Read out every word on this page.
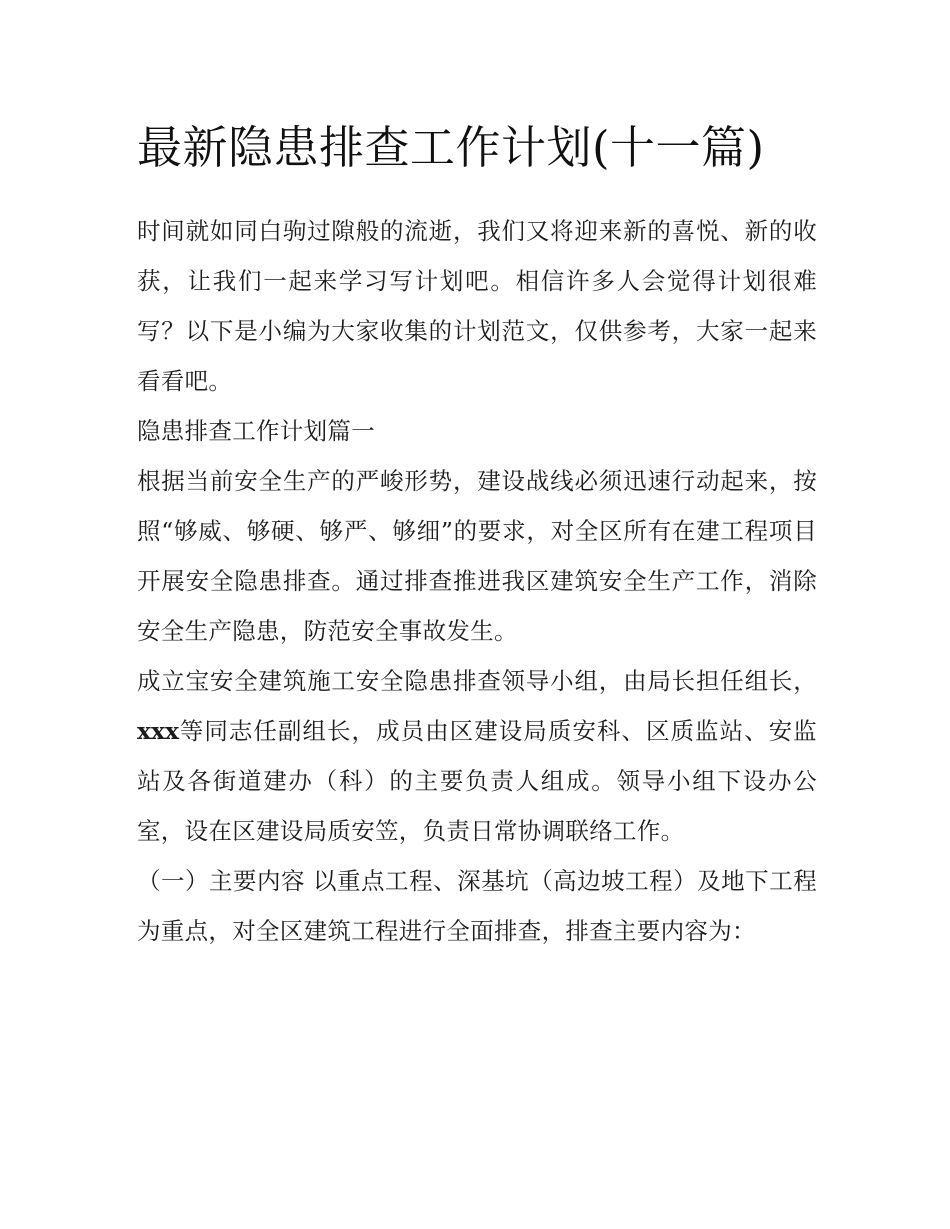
最新隐患排查工作计划(十一篇)

时间就如同白驹过隙般的流逝，我们又将迎来新的喜悦、新的收获，让我们一起来学习写计划吧。相信许多人会觉得计划很难写？以下是小编为大家收集的计划范文，仅供参考，大家一起来看看吧。

隐患排查工作计划篇一

根据当前安全生产的严峻形势，建设战线必须迅速行动起来，按照“够威、够硬、够严、够细”的要求，对全区所有在建工程项目开展安全隐患排查。通过排查推进我区建筑安全生产工作，消除安全生产隐患，防范安全事故发生。

成立宝安全建筑施工安全隐患排查领导小组，由局长担任组长，xxx等同志任副组长，成员由区建设局质安科、区质监站、安监站及各街道建办（科）的主要负责人组成。领导小组下设办公室，设在区建设局质安笠，负责日常协调联络工作。

（一）主要内容 以重点工程、深基坑（高边坡工程）及地下工程为重点，对全区建筑工程进行全面排查，排查主要内容为：
